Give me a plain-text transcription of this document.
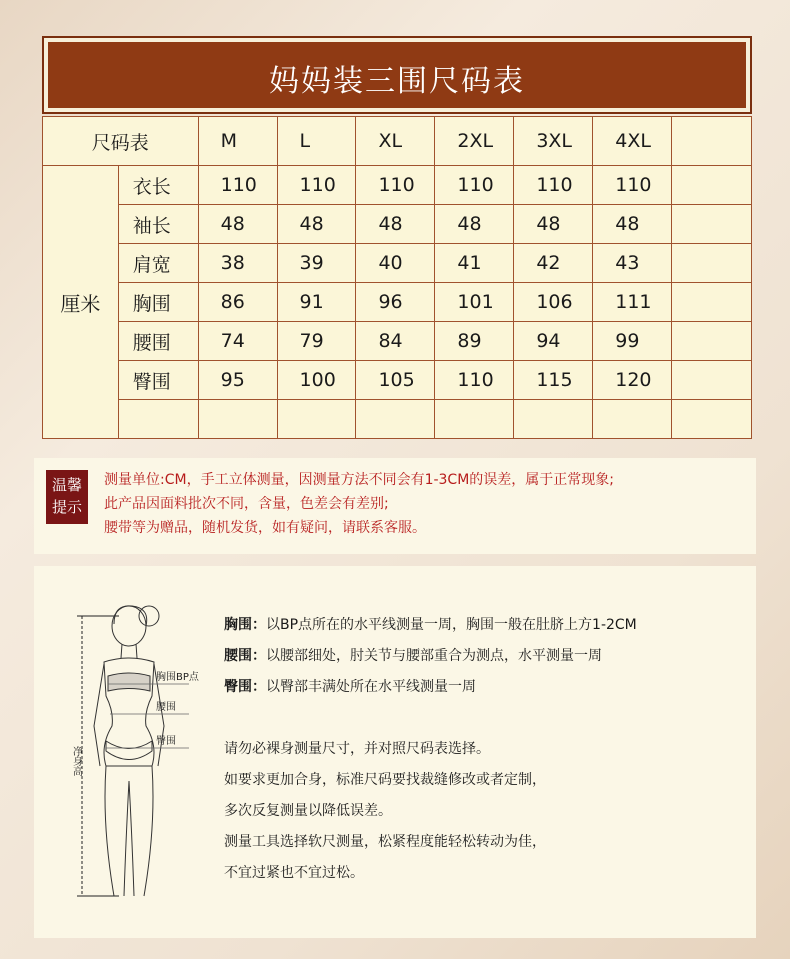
妈妈装三围尺码表
尺码表		M	L	XL	2XL	3XL	4XL	
厘米	衣长	110	110	110	110	110	110	
	袖长	48	48	48	48	48	48	
	肩宽	38	39	40	41	42	43	
	胸围	86	91	96	101	106	111	
	腰围	74	79	84	89	94	99	
	臀围	95	100	105	110	115	120	

温馨
提示
测量单位:CM，手工立体测量，因测量方法不同会有1-3CM的误差，属于正常现象;
此产品因面料批次不同，含量，色差会有差别;
腰带等为赠品，随机发货，如有疑问，请联系客服。
净身高
胸围BP点
腰围
臀围
胸围：以BP点所在的水平线测量一周，胸围一般在肚脐上方1-2CM
腰围：以腰部细处，肘关节与腰部重合为测点，水平测量一周
臀围：以臀部丰满处所在水平线测量一周
请勿必裸身测量尺寸，并对照尺码表选择。
如要求更加合身，标准尺码要找裁缝修改或者定制，
多次反复测量以降低误差。
测量工具选择软尺测量，松紧程度能轻松转动为佳，
不宜过紧也不宜过松。
